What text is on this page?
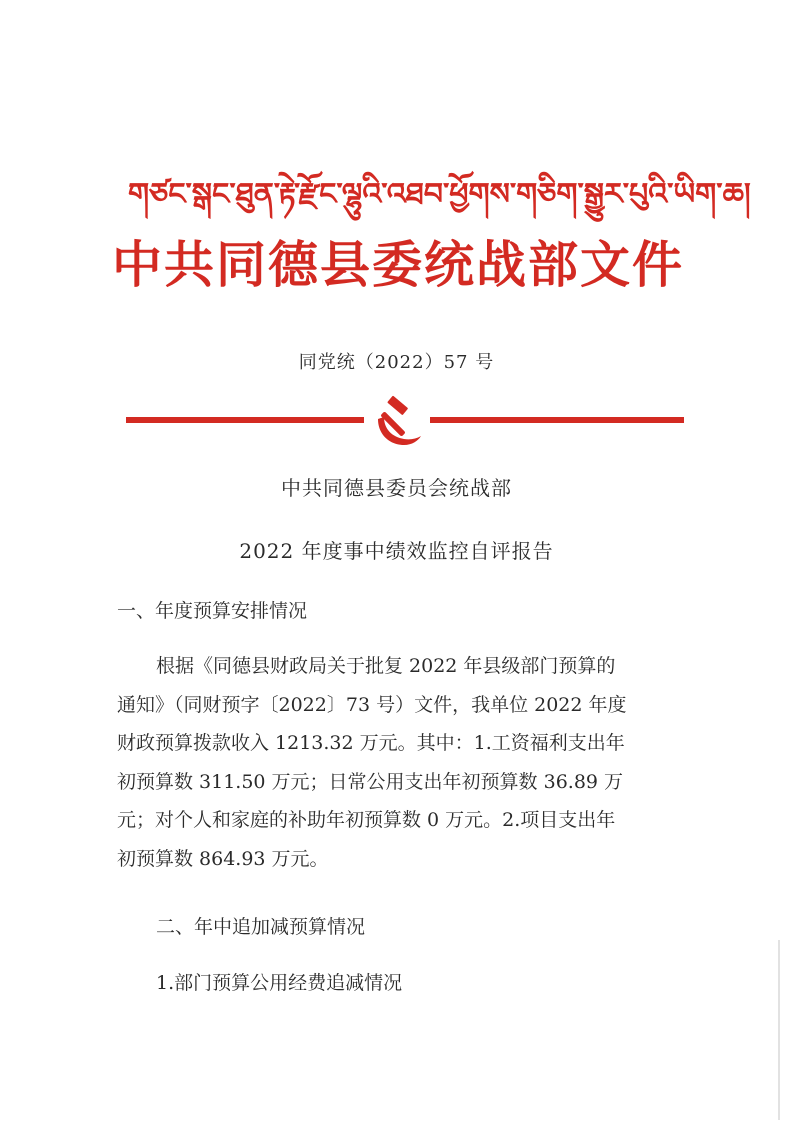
གཙང་སྒང་ཐུན་རྟེ་རྫོང་ལྷུའི་འཐབ་ཕྱོགས་གཅིག་སྒྱུར་པུའི་ཡིག་ཆ།
中共同德县委统战部文件
同党统（2022）57 号
中共同德县委员会统战部
2022 年度事中绩效监控自评报告
一、年度预算安排情况
根据《同德县财政局关于批复 2022 年县级部门预算的
通知》（同财预字〔2022〕73 号）文件，我单位 2022 年度
财政预算拨款收入 1213.32 万元。其中：1.工资福利支出年
初预算数 311.50 万元；日常公用支出年初预算数 36.89 万
元；对个人和家庭的补助年初预算数 0 万元。2.项目支出年
初预算数 864.93 万元。
二、年中追加减预算情况
1.部门预算公用经费追减情况
